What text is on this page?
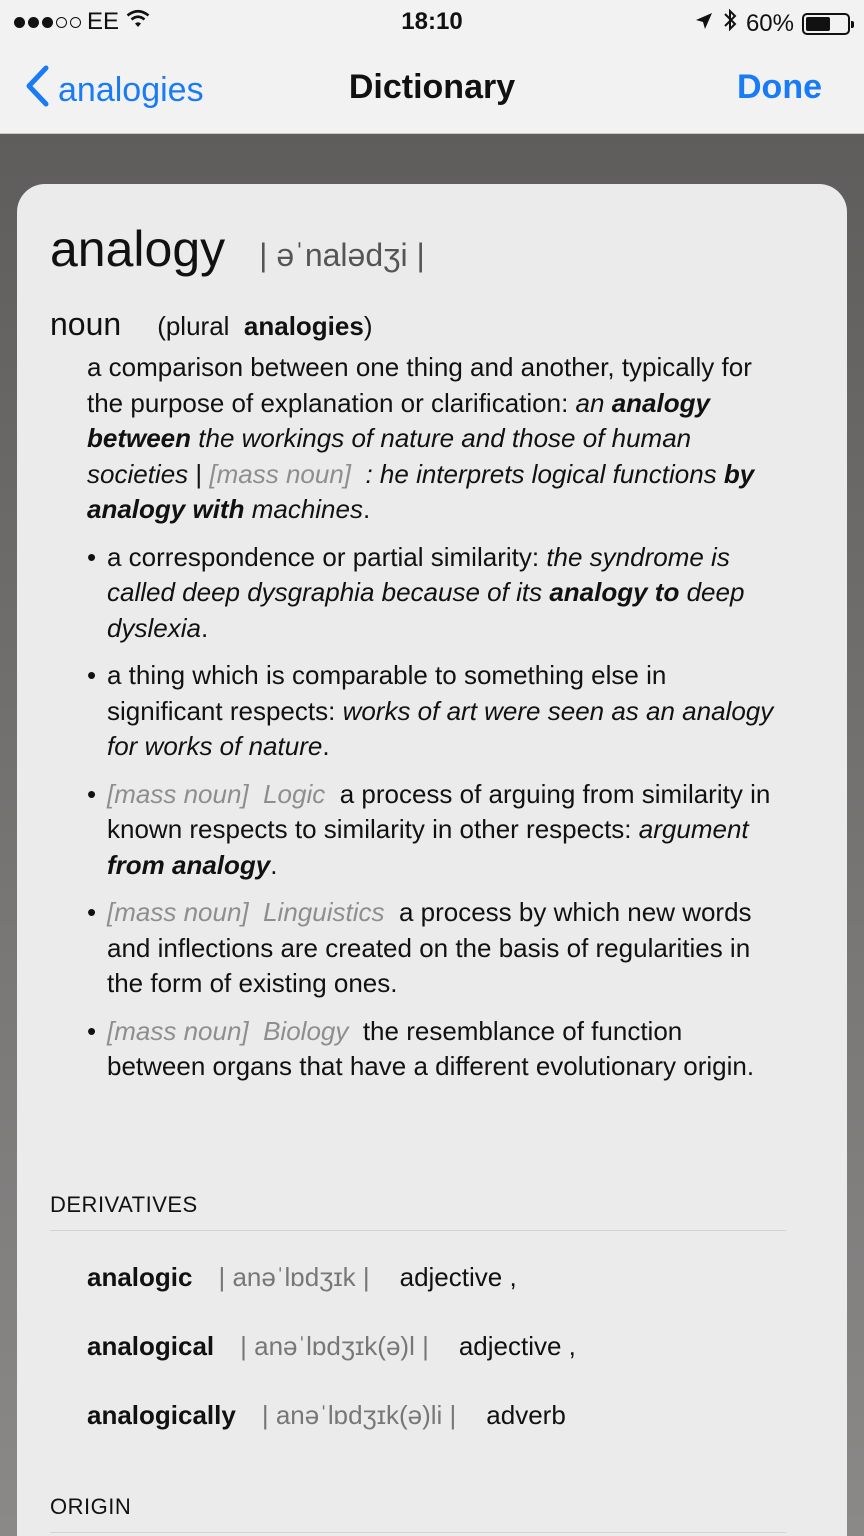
EE	18:10	60%
analogies	Dictionary	Done
analogy | əˈnalədʒi |
noun (plural analogies)
a comparison between one thing and another, typically for the purpose of explanation or clarification: an analogy between the workings of nature and those of human societies | [mass noun] : he interprets logical functions by analogy with machines.
• a correspondence or partial similarity: the syndrome is called deep dysgraphia because of its analogy to deep dyslexia.
• a thing which is comparable to something else in significant respects: works of art were seen as an analogy for works of nature.
• [mass noun] Logic a process of arguing from similarity in known respects to similarity in other respects: argument from analogy.
• [mass noun] Linguistics a process by which new words and inflections are created on the basis of regularities in the form of existing ones.
• [mass noun] Biology the resemblance of function between organs that have a different evolutionary origin.
DERIVATIVES
analogic | anəˈlɒdʒɪk | adjective ,
analogical | anəˈlɒdʒɪk(ə)l | adjective ,
analogically | anəˈlɒdʒɪk(ə)li | adverb
ORIGIN
